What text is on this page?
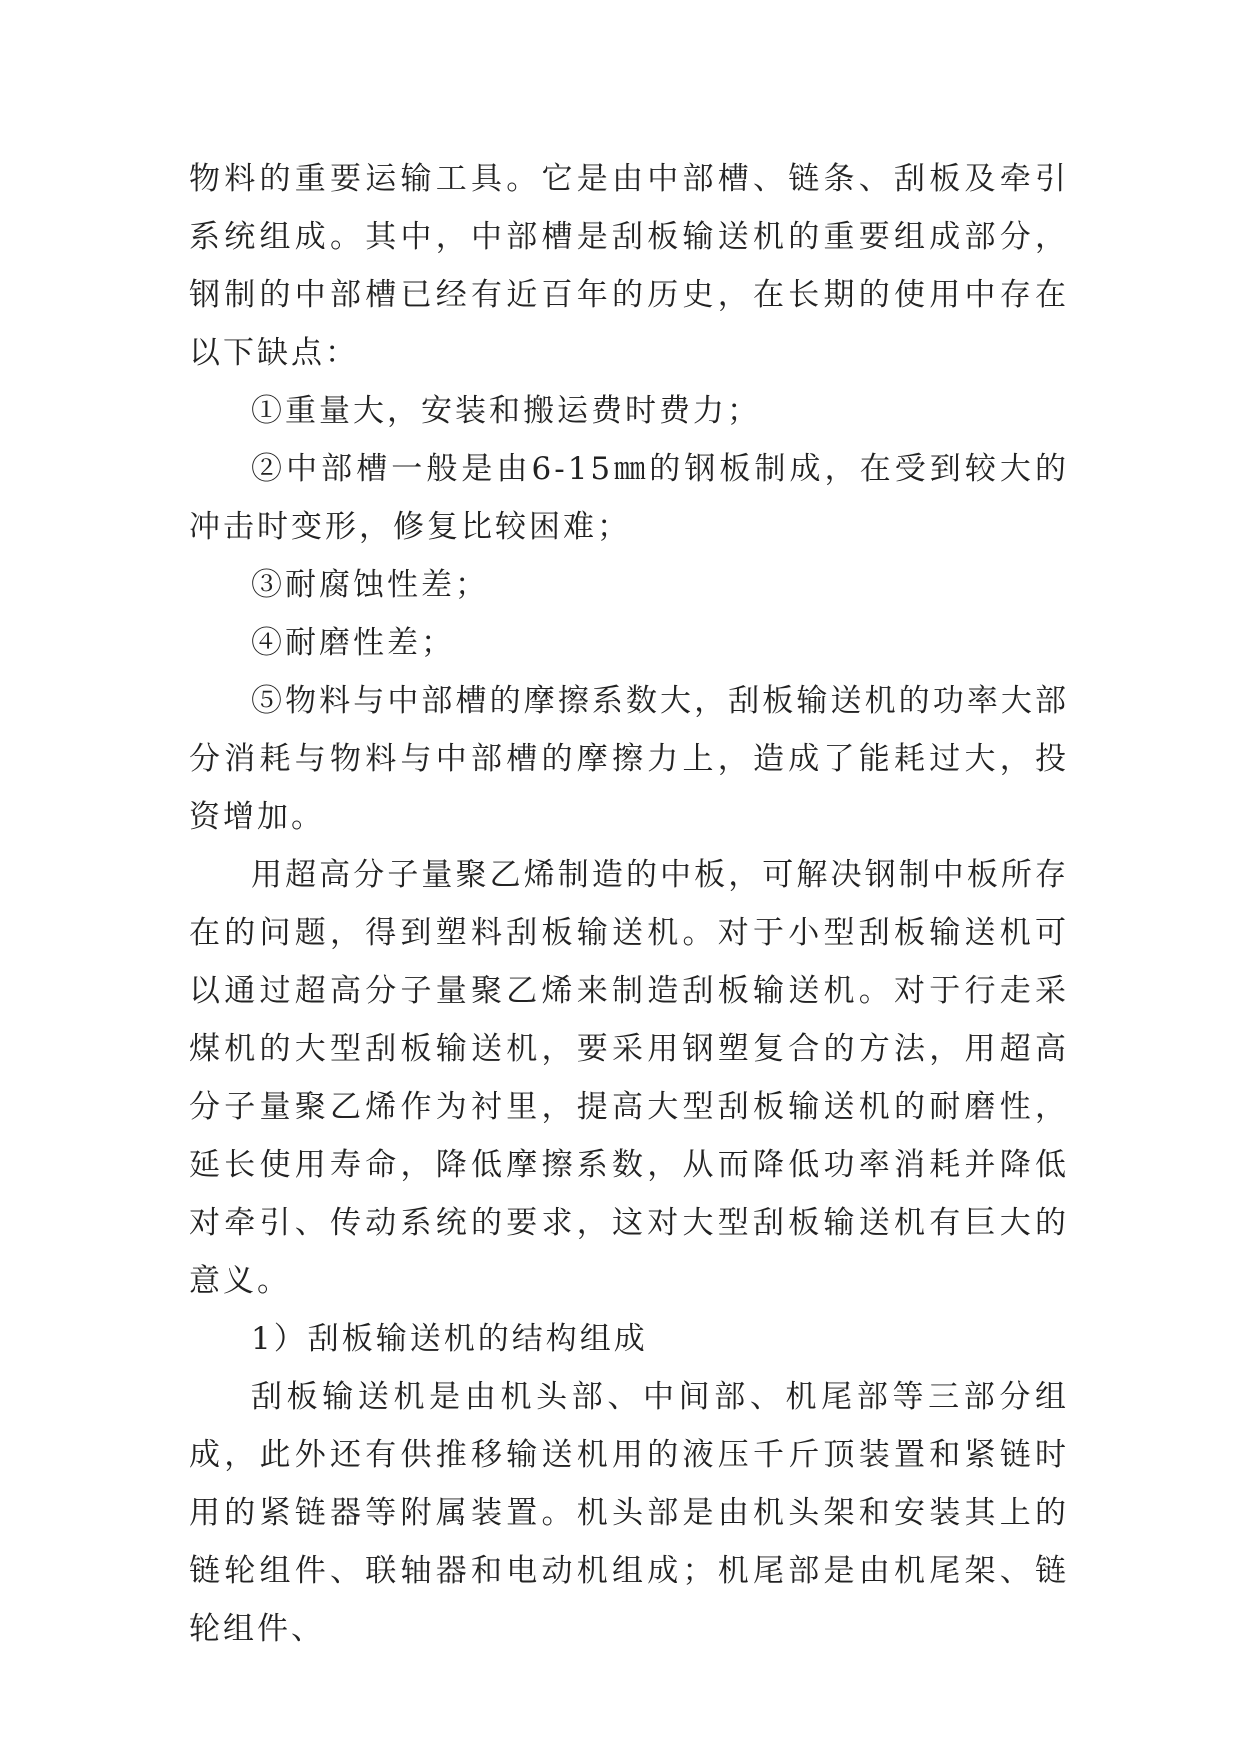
物料的重要运输工具。它是由中部槽、链条、刮板及牵引系统组成。其中，中部槽是刮板输送机的重要组成部分，钢制的中部槽已经有近百年的历史，在长期的使用中存在以下缺点：

①重量大，安装和搬运费时费力；

②中部槽一般是由6-15㎜的钢板制成，在受到较大的冲击时变形，修复比较困难；

③耐腐蚀性差；

④耐磨性差；

⑤物料与中部槽的摩擦系数大，刮板输送机的功率大部分消耗与物料与中部槽的摩擦力上，造成了能耗过大，投资增加。

用超高分子量聚乙烯制造的中板，可解决钢制中板所存在的问题，得到塑料刮板输送机。对于小型刮板输送机可以通过超高分子量聚乙烯来制造刮板输送机。对于行走采煤机的大型刮板输送机，要采用钢塑复合的方法，用超高分子量聚乙烯作为衬里，提高大型刮板输送机的耐磨性，延长使用寿命，降低摩擦系数，从而降低功率消耗并降低对牵引、传动系统的要求，这对大型刮板输送机有巨大的意义。

1）刮板输送机的结构组成

刮板输送机是由机头部、中间部、机尾部等三部分组成，此外还有供推移输送机用的液压千斤顶装置和紧链时用的紧链器等附属装置。机头部是由机头架和安装其上的链轮组件、联轴器和电动机组成；机尾部是由机尾架、链轮组件、
